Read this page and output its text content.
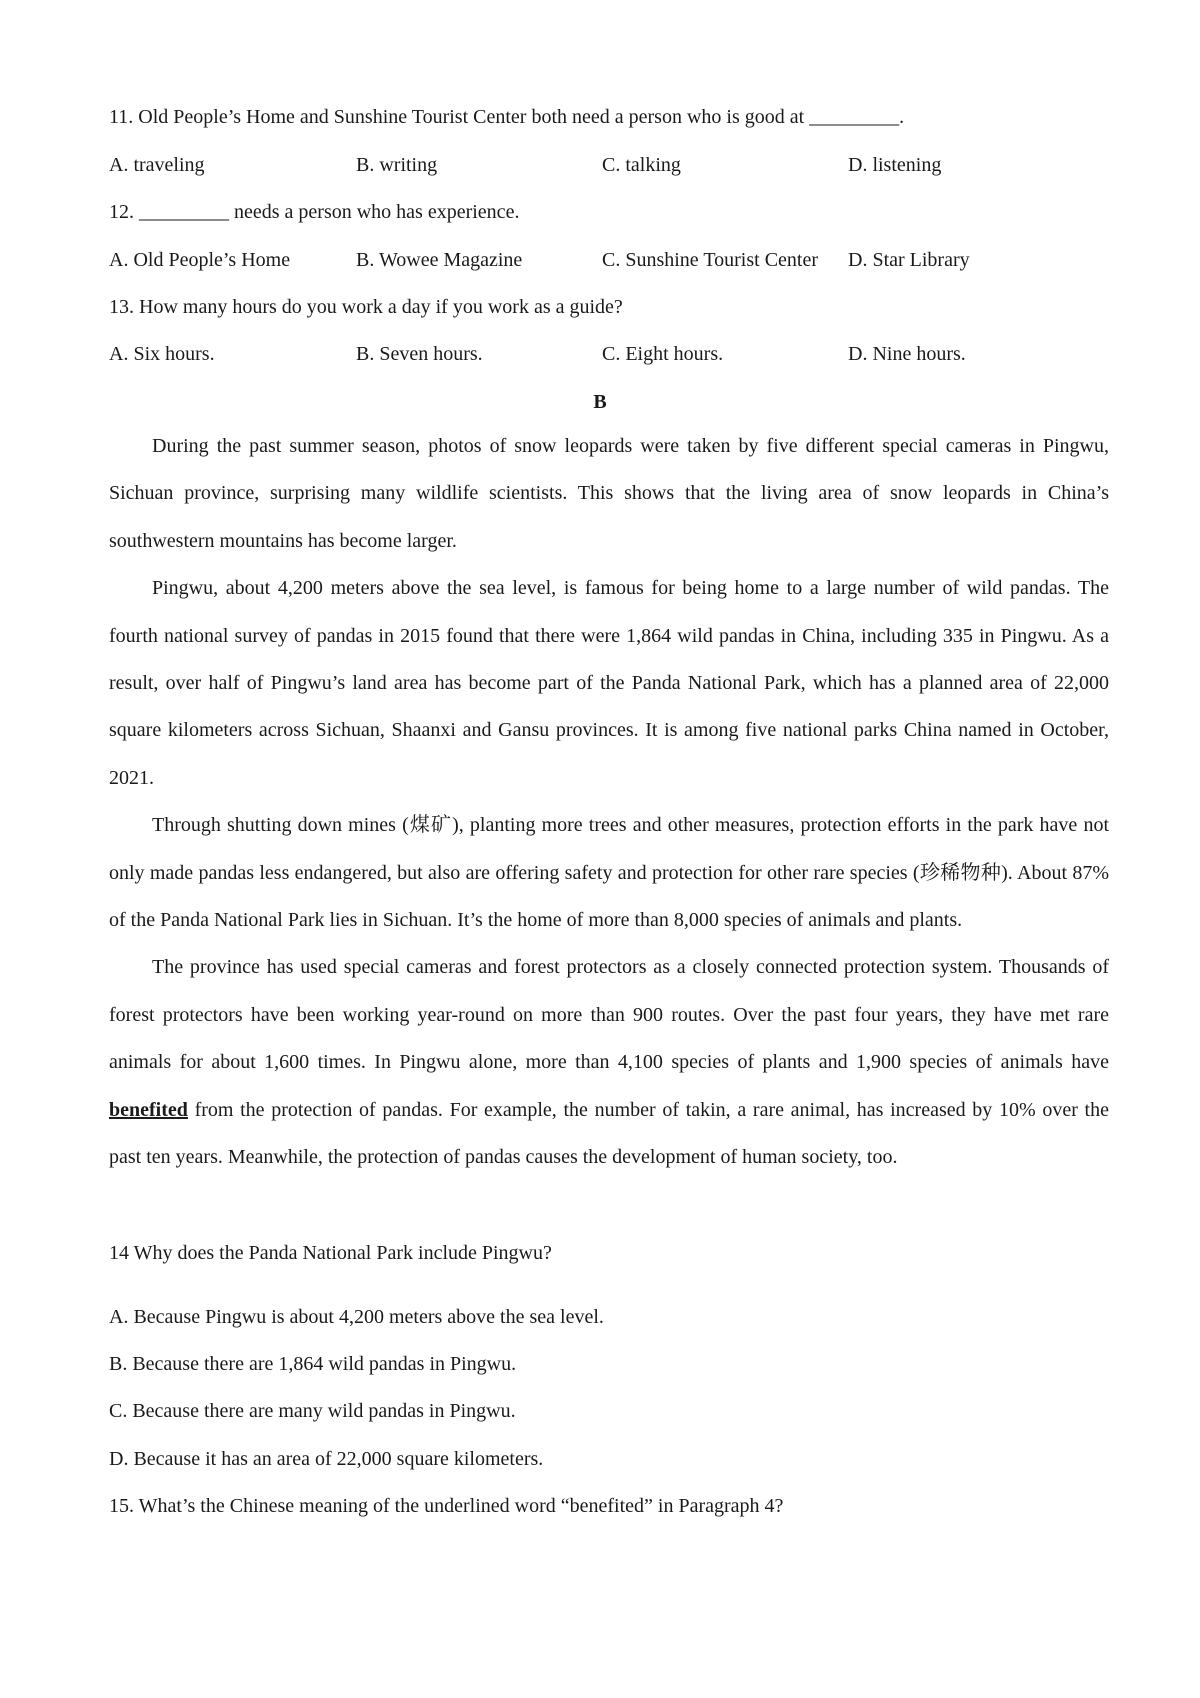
11. Old People’s Home and Sunshine Tourist Center both need a person who is good at _________.
A. traveling	B. writing	C. talking	D. listening
12. _________ needs a person who has experience.
A. Old People’s Home	B. Wowee Magazine	C. Sunshine Tourist Center D. Star Library
13. How many hours do you work a day if you work as a guide?
A. Six hours.	B. Seven hours.	C. Eight hours.	D. Nine hours.
B

During the past summer season, photos of snow leopards were taken by five different special cameras in Pingwu, Sichuan province, surprising many wildlife scientists. This shows that the living area of snow leopards in China’s southwestern mountains has become larger.

Pingwu, about 4,200 meters above the sea level, is famous for being home to a large number of wild pandas. The fourth national survey of pandas in 2015 found that there were 1,864 wild pandas in China, including 335 in Pingwu. As a result, over half of Pingwu’s land area has become part of the Panda National Park, which has a planned area of 22,000 square kilometers across Sichuan, Shaanxi and Gansu provinces. It is among five national parks China named in October, 2021.

Through shutting down mines (煤矿), planting more trees and other measures, protection efforts in the park have not only made pandas less endangered, but also are offering safety and protection for other rare species (珍稀物种). About 87% of the Panda National Park lies in Sichuan. It’s the home of more than 8,000 species of animals and plants.

The province has used special cameras and forest protectors as a closely connected protection system. Thousands of forest protectors have been working year-round on more than 900 routes. Over the past four years, they have met rare animals for about 1,600 times. In Pingwu alone, more than 4,100 species of plants and 1,900 species of animals have benefited from the protection of pandas. For example, the number of takin, a rare animal, has increased by 10% over the past ten years. Meanwhile, the protection of pandas causes the development of human society, too.

14 Why does the Panda National Park include Pingwu?
A. Because Pingwu is about 4,200 meters above the sea level.
B. Because there are 1,864 wild pandas in Pingwu.
C. Because there are many wild pandas in Pingwu.
D. Because it has an area of 22,000 square kilometers.
15. What’s the Chinese meaning of the underlined word “benefited” in Paragraph 4?
